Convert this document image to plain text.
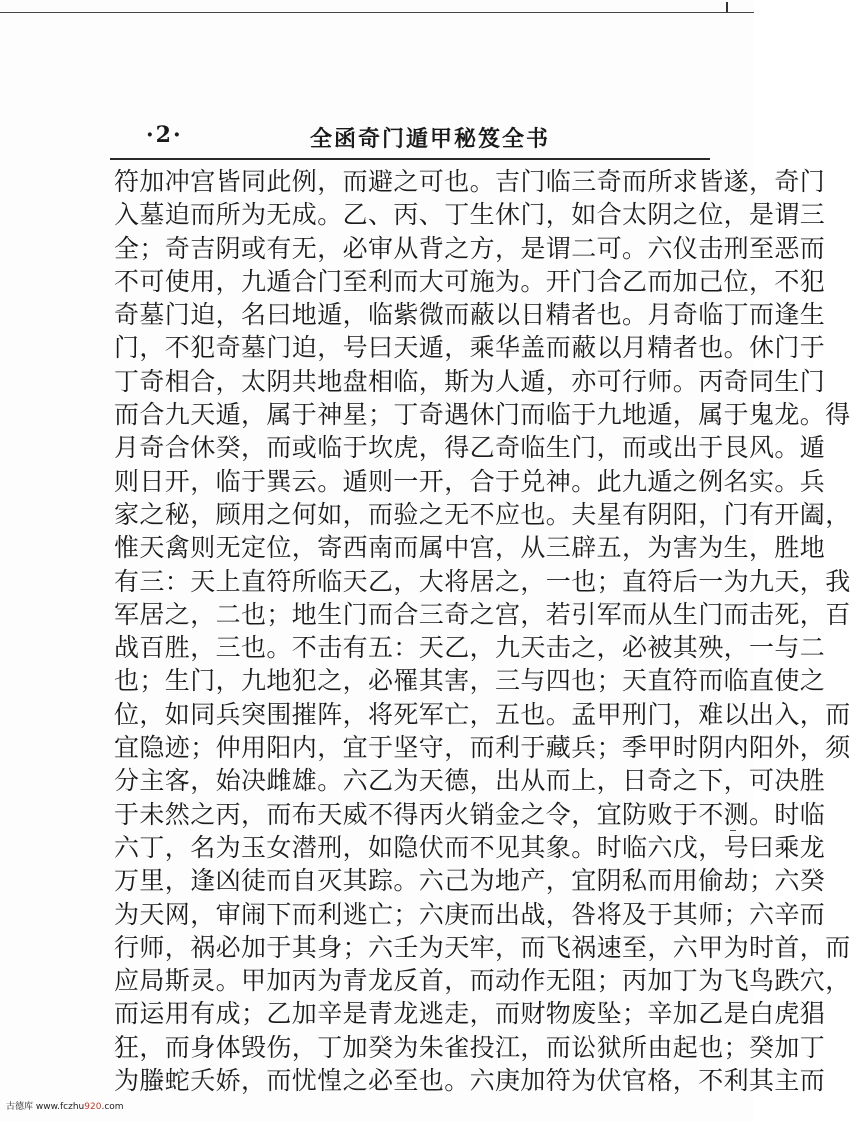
·2·	全函奇门遁甲秘笈全书
符加冲宫皆同此例，而避之可也。吉门临三奇而所求皆遂，奇门
入墓迫而所为无成。乙、丙、丁生休门，如合太阴之位，是谓三
全；奇吉阴或有无，必审从背之方，是谓二可。六仪击刑至恶而
不可使用，九遁合门至利而大可施为。开门合乙而加己位，不犯
奇墓门迫，名曰地遁，临紫微而蔽以日精者也。月奇临丁而逢生
门，不犯奇墓门迫，号曰天遁，乘华盖而蔽以月精者也。休门于
丁奇相合，太阴共地盘相临，斯为人遁，亦可行师。丙奇同生门
而合九天遁，属于神星；丁奇遇休门而临于九地遁，属于鬼龙。得
月奇合休癸，而或临于坎虎，得乙奇临生门，而或出于艮风。遁
则日开，临于巽云。遁则一开，合于兑神。此九遁之例名实。兵
家之秘，顾用之何如，而验之无不应也。夫星有阴阳，门有开阖，
惟天禽则无定位，寄西南而属中宫，从三辟五，为害为生，胜地
有三：天上直符所临天乙，大将居之，一也；直符后一为九天，我
军居之，二也；地生门而合三奇之宫，若引军而从生门而击死，百
战百胜，三也。不击有五：天乙，九天击之，必被其殃，一与二
也；生门，九地犯之，必罹其害，三与四也；天直符而临直使之
位，如同兵突围摧阵，将死军亡，五也。孟甲刑门，难以出入，而
宜隐迹；仲用阳内，宜于坚守，而利于藏兵；季甲时阴内阳外，须
分主客，始决雌雄。六乙为天德，出从而上，日奇之下，可决胜
于未然之丙，而布天威不得丙火销金之令，宜防败于不测。时临
六丁，名为玉女潜刑，如隐伏而不见其象。时临六戊，号曰乘龙
万里，逢凶徒而自灭其踪。六己为地产，宜阴私而用偷劫；六癸
为天网，审闹下而利逃亡；六庚而出战，咎将及于其师；六辛而
行师，祸必加于其身；六壬为天牢，而飞祸速至，六甲为时首，而
应局斯灵。甲加丙为青龙反首，而动作无阻；丙加丁为飞鸟跌穴，
而运用有成；乙加辛是青龙逃走，而财物废坠；辛加乙是白虎猖
狂，而身体毁伤，丁加癸为朱雀投江，而讼狱所由起也；癸加丁
为螣蛇夭娇，而忧惶之必至也。六庚加符为伏官格，不利其主而
古德库 www.fczhu920.com
